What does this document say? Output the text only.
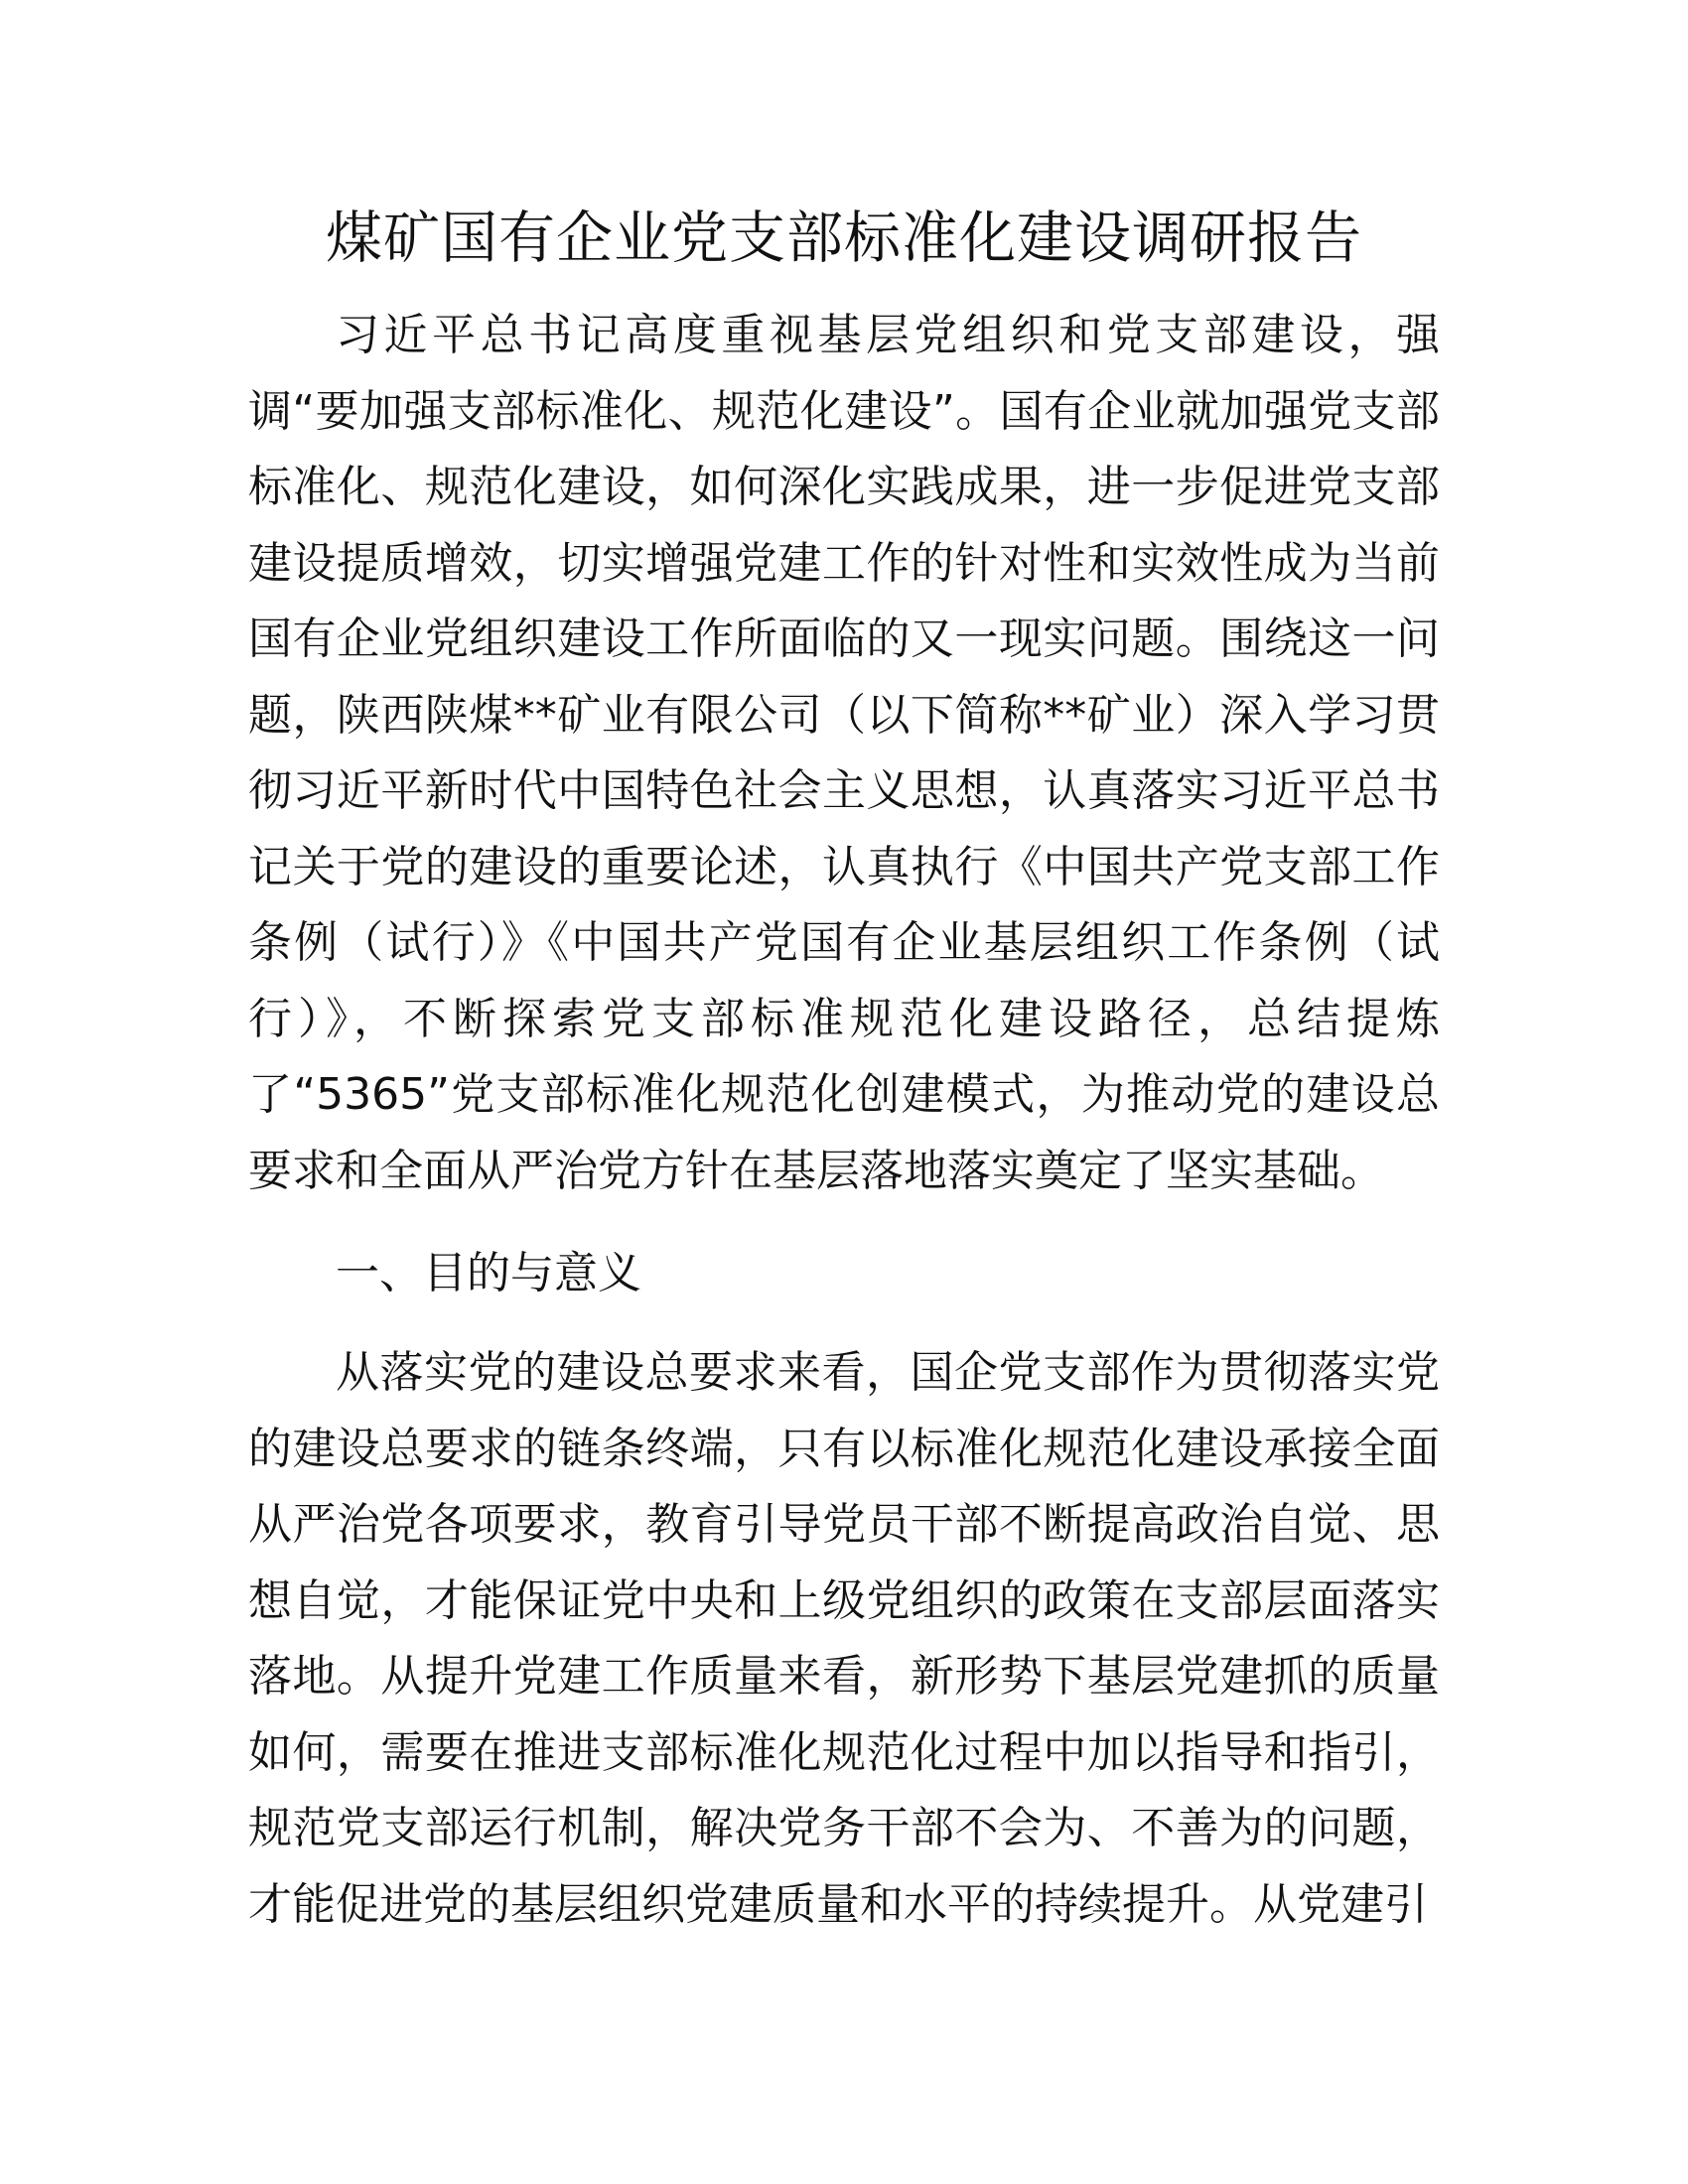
煤矿国有企业党支部标准化建设调研报告

习近平总书记高度重视基层党组织和党支部建设，强调“要加强支部标准化、规范化建设”。国有企业就加强党支部标准化、规范化建设，如何深化实践成果，进一步促进党支部建设提质增效，切实增强党建工作的针对性和实效性成为当前国有企业党组织建设工作所面临的又一现实问题。围绕这一问题，陕西陕煤**矿业有限公司（以下简称**矿业）深入学习贯彻习近平新时代中国特色社会主义思想，认真落实习近平总书记关于党的建设的重要论述，认真执行《中国共产党支部工作条例（试行）》《中国共产党国有企业基层组织工作条例（试行）》，不断探索党支部标准规范化建设路径，总结提炼了“5365”党支部标准化规范化创建模式，为推动党的建设总要求和全面从严治党方针在基层落地落实奠定了坚实基础。

一、目的与意义

从落实党的建设总要求来看，国企党支部作为贯彻落实党的建设总要求的链条终端，只有以标准化规范化建设承接全面从严治党各项要求，教育引导党员干部不断提高政治自觉、思想自觉，才能保证党中央和上级党组织的政策在支部层面落实落地。从提升党建工作质量来看，新形势下基层党建抓的质量如何，需要在推进支部标准化规范化过程中加以指导和指引，规范党支部运行机制，解决党务干部不会为、不善为的问题，才能促进党的基层组织党建质量和水平的持续提升。从党建引
